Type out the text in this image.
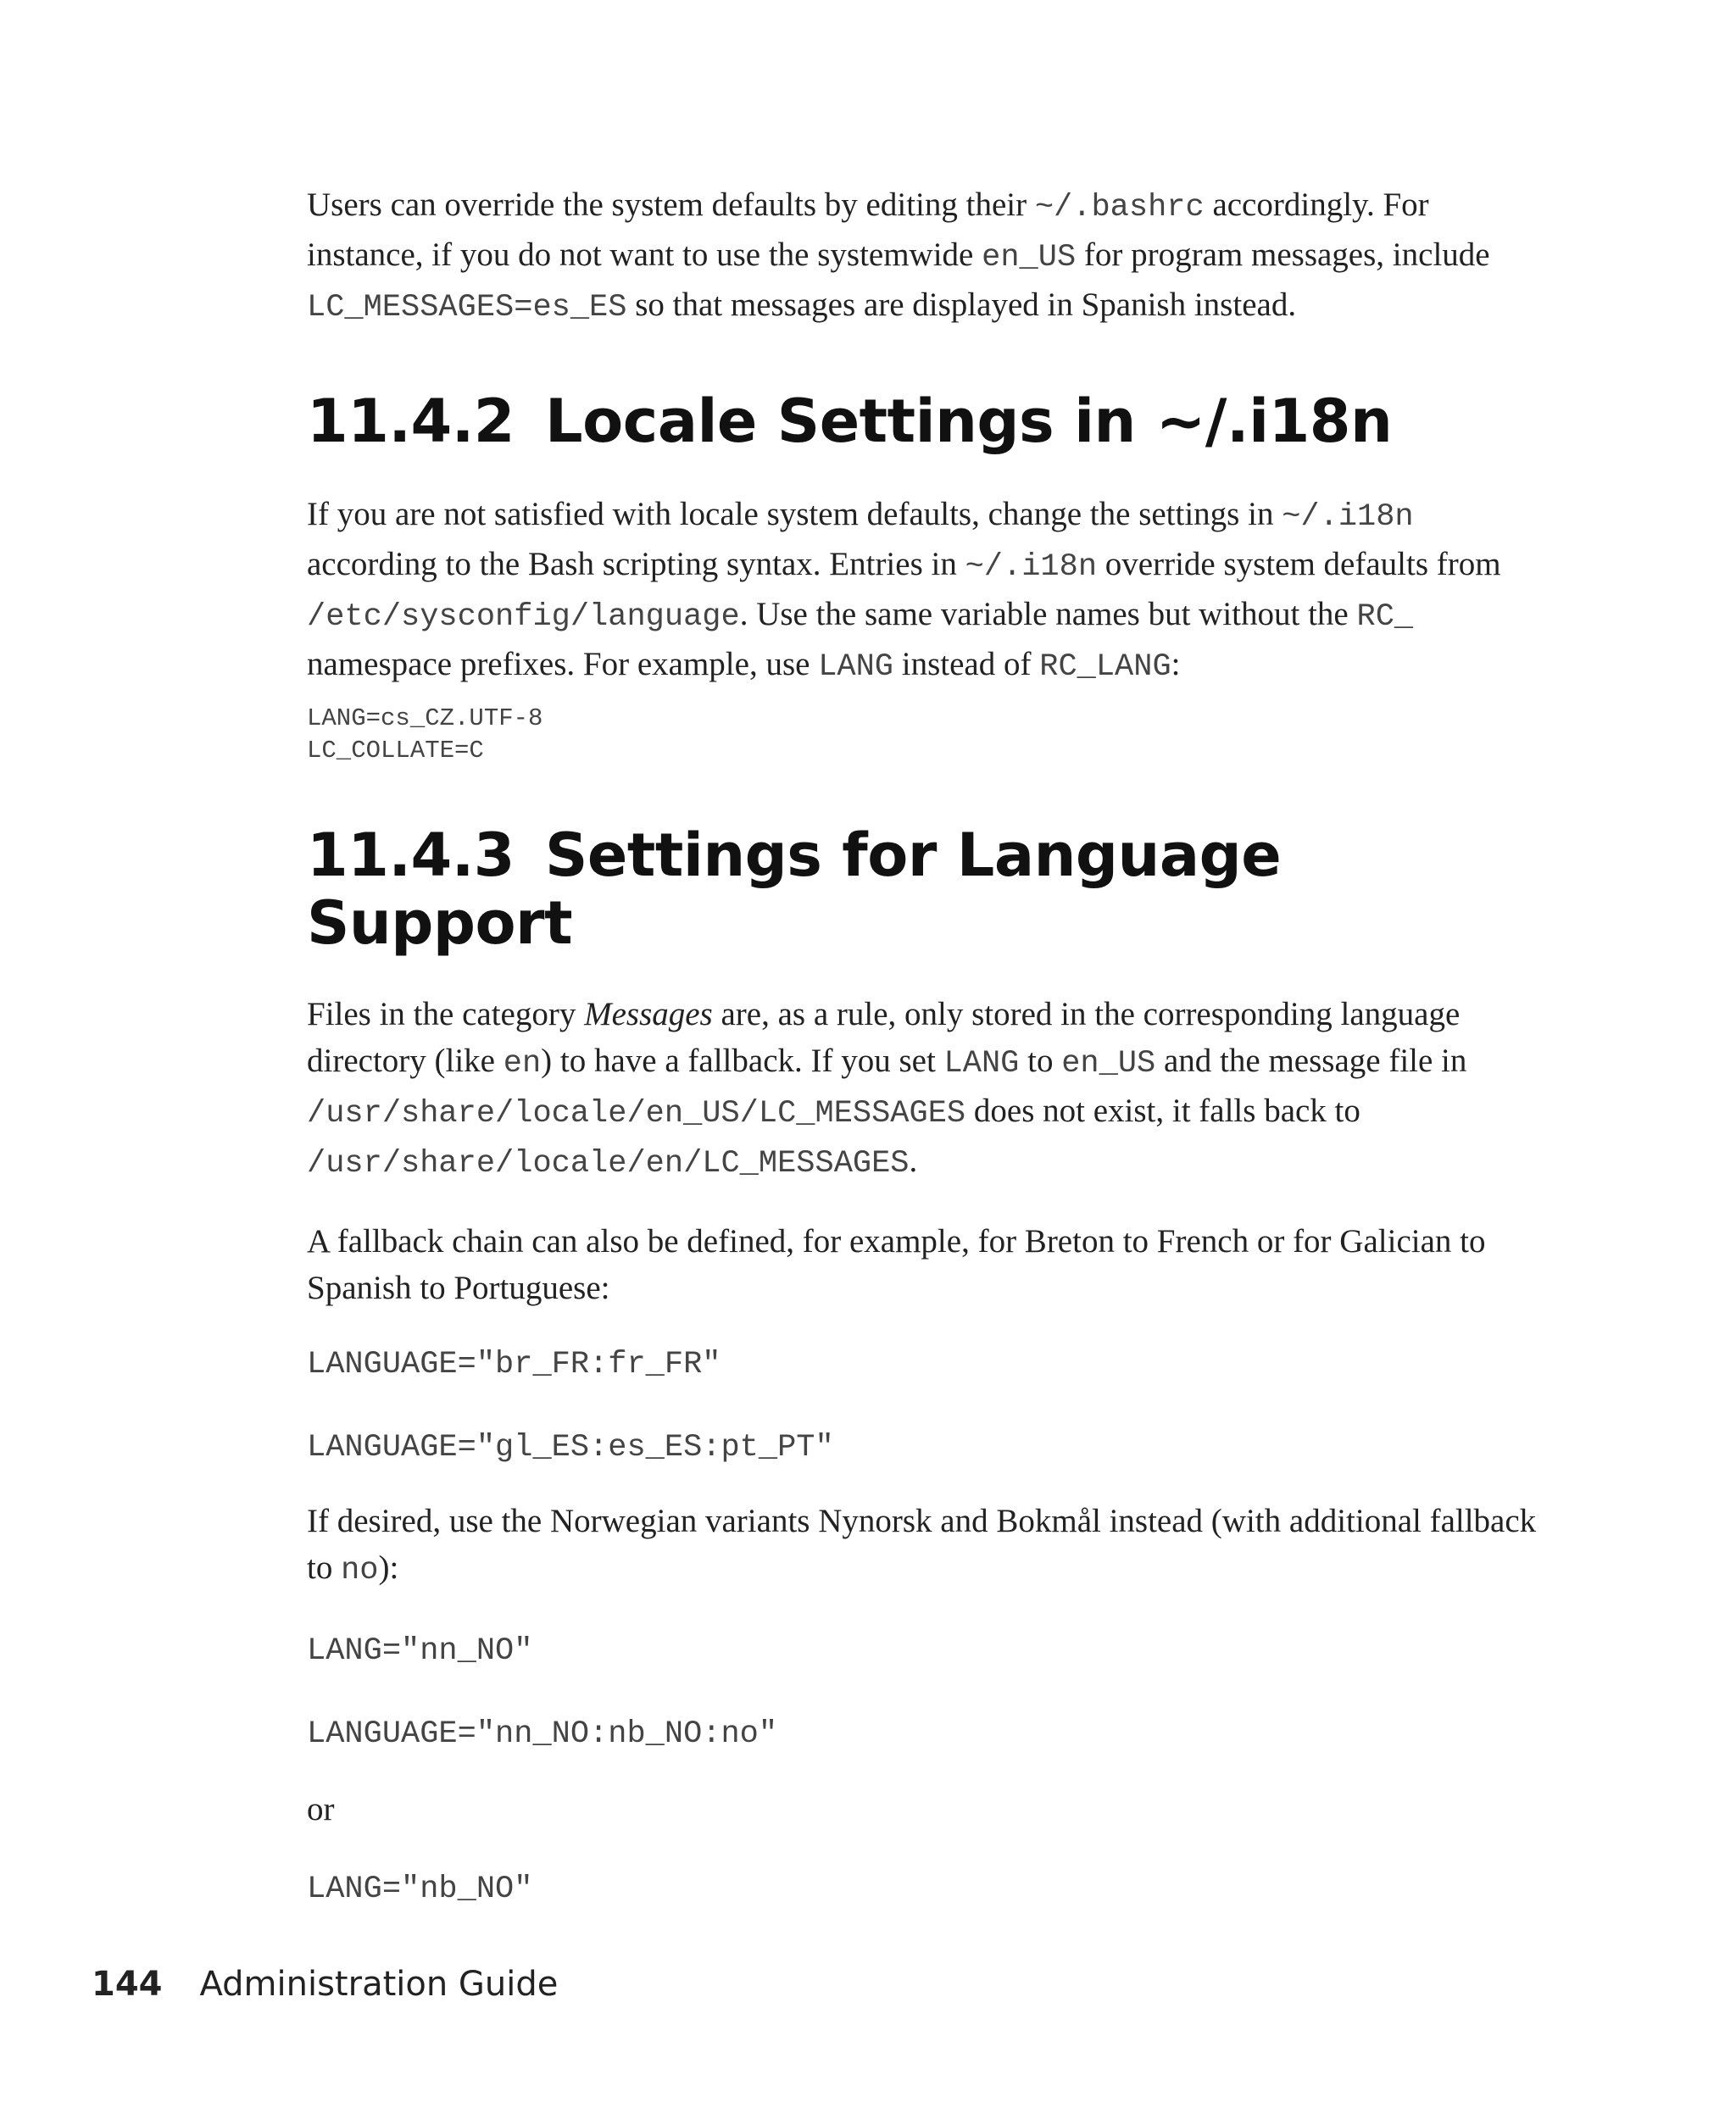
Users can override the system defaults by editing their ~/.bashrc accordingly. For instance, if you do not want to use the systemwide en_US for program messages, include LC_MESSAGES=es_ES so that messages are displayed in Spanish instead.

11.4.2 Locale Settings in ~/.i18n

If you are not satisfied with locale system defaults, change the settings in ~/.i18n according to the Bash scripting syntax. Entries in ~/.i18n override system defaults from /etc/sysconfig/language. Use the same variable names but without the RC_ namespace prefixes. For example, use LANG instead of RC_LANG:

LANG=cs_CZ.UTF-8
LC_COLLATE=C
11.4.3 Settings for Language Support

Files in the category Messages are, as a rule, only stored in the corresponding language directory (like en) to have a fallback. If you set LANG to en_US and the message file in /usr/share/locale/en_US/LC_MESSAGES does not exist, it falls back to /usr/share/locale/en/LC_MESSAGES.

A fallback chain can also be defined, for example, for Breton to French or for Galician to Spanish to Portuguese:

LANGUAGE="br_FR:fr_FR"
LANGUAGE="gl_ES:es_ES:pt_PT"

If desired, use the Norwegian variants Nynorsk and Bokmål instead (with additional fallback to no):

LANG="nn_NO"
LANGUAGE="nn_NO:nb_NO:no"

or

LANG="nb_NO"
144 Administration Guide
